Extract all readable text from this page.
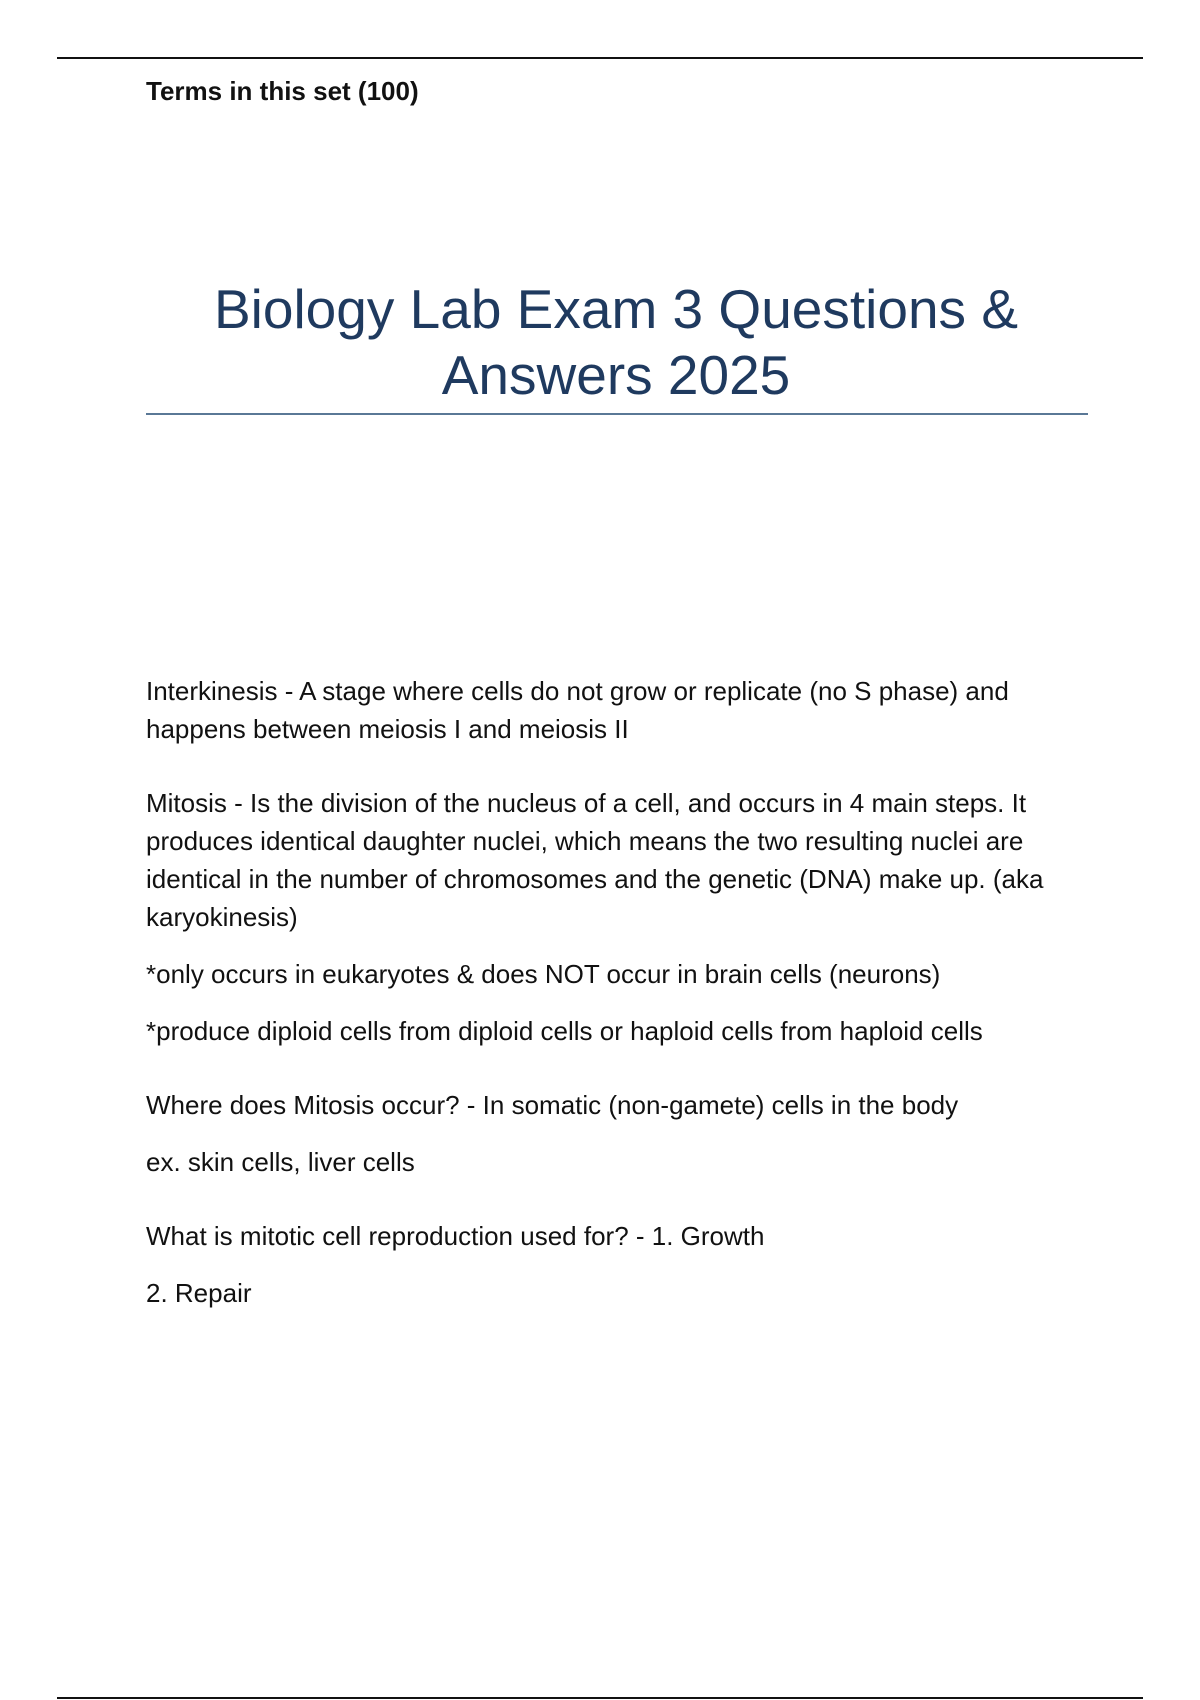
Terms in this set (100)

Biology Lab Exam 3 Questions & Answers 2025

Interkinesis - A stage where cells do not grow or replicate (no S phase) and happens between meiosis I and meiosis II

Mitosis - Is the division of the nucleus of a cell, and occurs in 4 main steps. It produces identical daughter nuclei, which means the two resulting nuclei are identical in the number of chromosomes and the genetic (DNA) make up. (aka karyokinesis)

*only occurs in eukaryotes & does NOT occur in brain cells (neurons)

*produce diploid cells from diploid cells or haploid cells from haploid cells

Where does Mitosis occur? - In somatic (non-gamete) cells in the body

ex. skin cells, liver cells

What is mitotic cell reproduction used for? - 1. Growth

2. Repair
